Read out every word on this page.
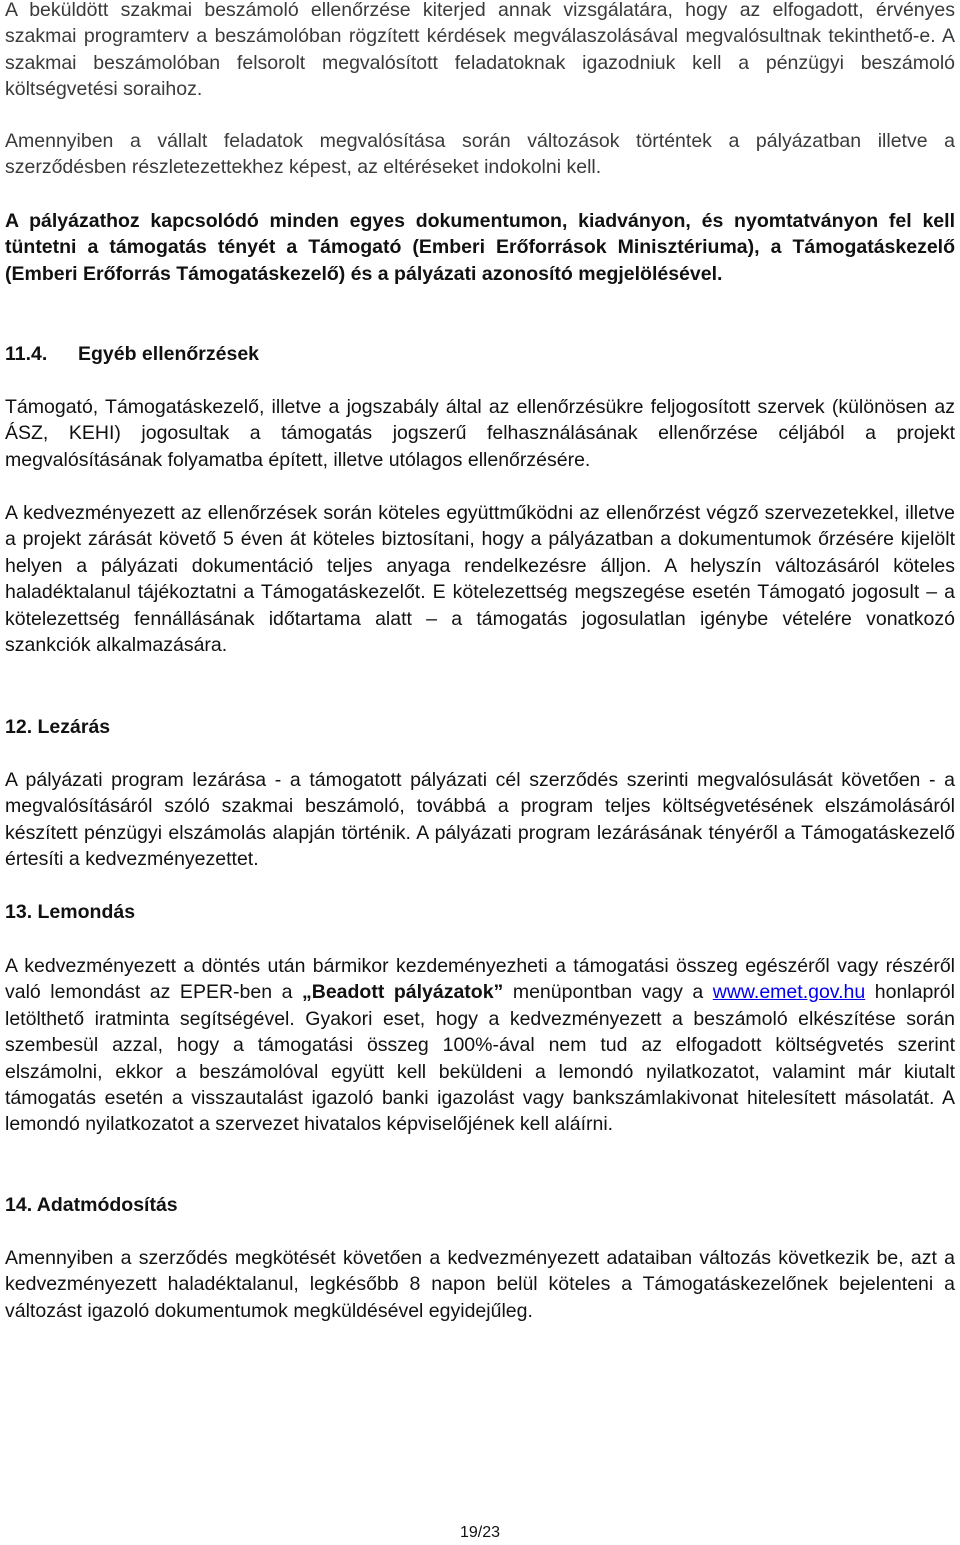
A beküldött szakmai beszámoló ellenőrzése kiterjed annak vizsgálatára, hogy az elfogadott, érvényes szakmai programterv a beszámolóban rögzített kérdések megválaszolásával megvalósultnak tekinthető-e. A szakmai beszámolóban felsorolt megvalósított feladatoknak igazodniuk kell a pénzügyi beszámoló költségvetési soraihoz.

Amennyiben a vállalt feladatok megvalósítása során változások történtek a pályázatban illetve a szerződésben részletezettekhez képest, az eltéréseket indokolni kell.

A pályázathoz kapcsolódó minden egyes dokumentumon, kiadványon, és nyomtatványon fel kell tüntetni a támogatás tényét a Támogató (Emberi Erőforrások Minisztériuma), a Támogatáskezelő (Emberi Erőforrás Támogatáskezelő) és a pályázati azonosító megjelölésével.

11.4. Egyéb ellenőrzések

Támogató, Támogatáskezelő, illetve a jogszabály által az ellenőrzésükre feljogosított szervek (különösen az ÁSZ, KEHI) jogosultak a támogatás jogszerű felhasználásának ellenőrzése céljából a projekt megvalósításának folyamatba épített, illetve utólagos ellenőrzésére.

A kedvezményezett az ellenőrzések során köteles együttműködni az ellenőrzést végző szervezetekkel, illetve a projekt zárását követő 5 éven át köteles biztosítani, hogy a pályázatban a dokumentumok őrzésére kijelölt helyen a pályázati dokumentáció teljes anyaga rendelkezésre álljon. A helyszín változásáról köteles haladéktalanul tájékoztatni a Támogatáskezelőt. E kötelezettség megszegése esetén Támogató jogosult – a kötelezettség fennállásának időtartama alatt – a támogatás jogosulatlan igénybe vételére vonatkozó szankciók alkalmazására.

12. Lezárás

A pályázati program lezárása - a támogatott pályázati cél szerződés szerinti megvalósulását követően - a megvalósításáról szóló szakmai beszámoló, továbbá a program teljes költségvetésének elszámolásáról készített pénzügyi elszámolás alapján történik. A pályázati program lezárásának tényéről a Támogatáskezelő értesíti a kedvezményezettet.

13. Lemondás

A kedvezményezett a döntés után bármikor kezdeményezheti a támogatási összeg egészéről vagy részéről való lemondást az EPER-ben a „Beadott pályázatok” menüpontban vagy a www.emet.gov.hu honlapról letölthető iratminta segítségével. Gyakori eset, hogy a kedvezményezett a beszámoló elkészítése során szembesül azzal, hogy a támogatási összeg 100%-ával nem tud az elfogadott költségvetés szerint elszámolni, ekkor a beszámolóval együtt kell beküldeni a lemondó nyilatkozatot, valamint már kiutalt támogatás esetén a visszautalást igazoló banki igazolást vagy bankszámlakivonat hitelesített másolatát. A lemondó nyilatkozatot a szervezet hivatalos képviselőjének kell aláírni.

14. Adatmódosítás

Amennyiben a szerződés megkötését követően a kedvezményezett adataiban változás következik be, azt a kedvezményezett haladéktalanul, legkésőbb 8 napon belül köteles a Támogatáskezelőnek bejelenteni a változást igazoló dokumentumok megküldésével egyidejűleg.

19/23
